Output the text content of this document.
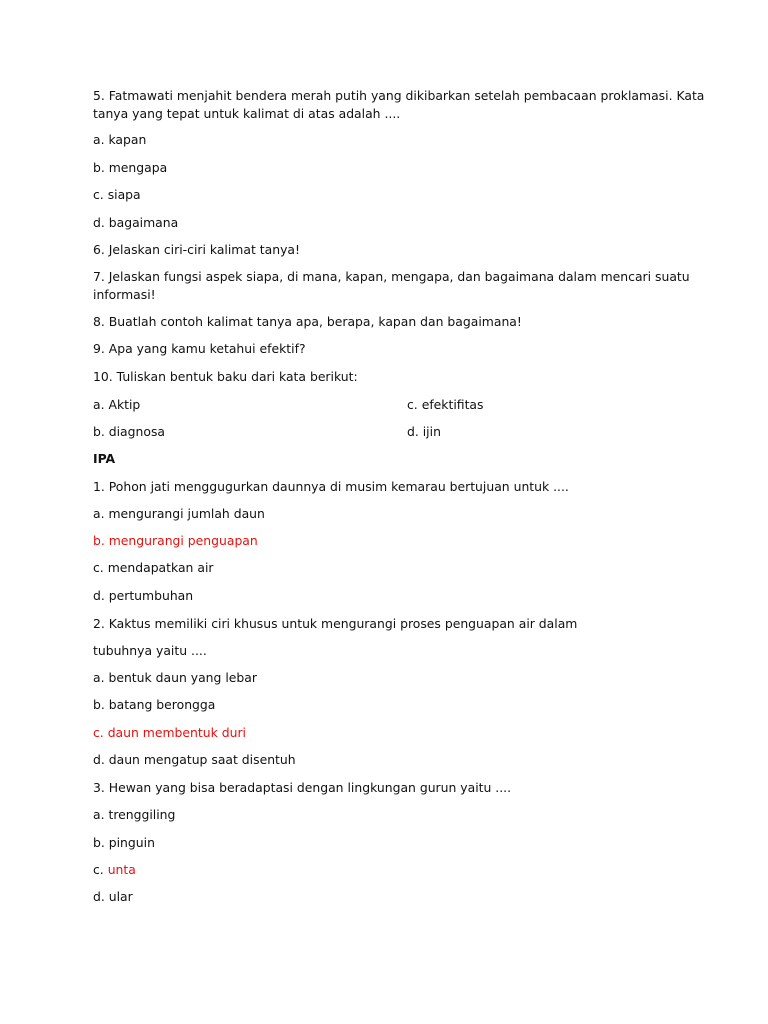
5. Fatmawati menjahit bendera merah putih yang dikibarkan setelah pembacaan proklamasi. Kata
tanya yang tepat untuk kalimat di atas adalah ....
a. kapan
b. mengapa
c. siapa
d. bagaimana
6. Jelaskan ciri-ciri kalimat tanya!
7. Jelaskan fungsi aspek siapa, di mana, kapan, mengapa, dan bagaimana dalam mencari suatu
informasi!
8. Buatlah contoh kalimat tanya apa, berapa, kapan dan bagaimana!
9. Apa yang kamu ketahui efektif?
10. Tuliskan bentuk baku dari kata berikut:
a. Aktip	c. efektifitas
b. diagnosa	d. ijin
IPA
1. Pohon jati menggugurkan daunnya di musim kemarau bertujuan untuk ....
a. mengurangi jumlah daun
b. mengurangi penguapan
c. mendapatkan air
d. pertumbuhan
2. Kaktus memiliki ciri khusus untuk mengurangi proses penguapan air dalam
tubuhnya yaitu ....
a. bentuk daun yang lebar
b. batang berongga
c. daun membentuk duri
d. daun mengatup saat disentuh
3. Hewan yang bisa beradaptasi dengan lingkungan gurun yaitu ....
a. trenggiling
b. pinguin
c. unta
d. ular
